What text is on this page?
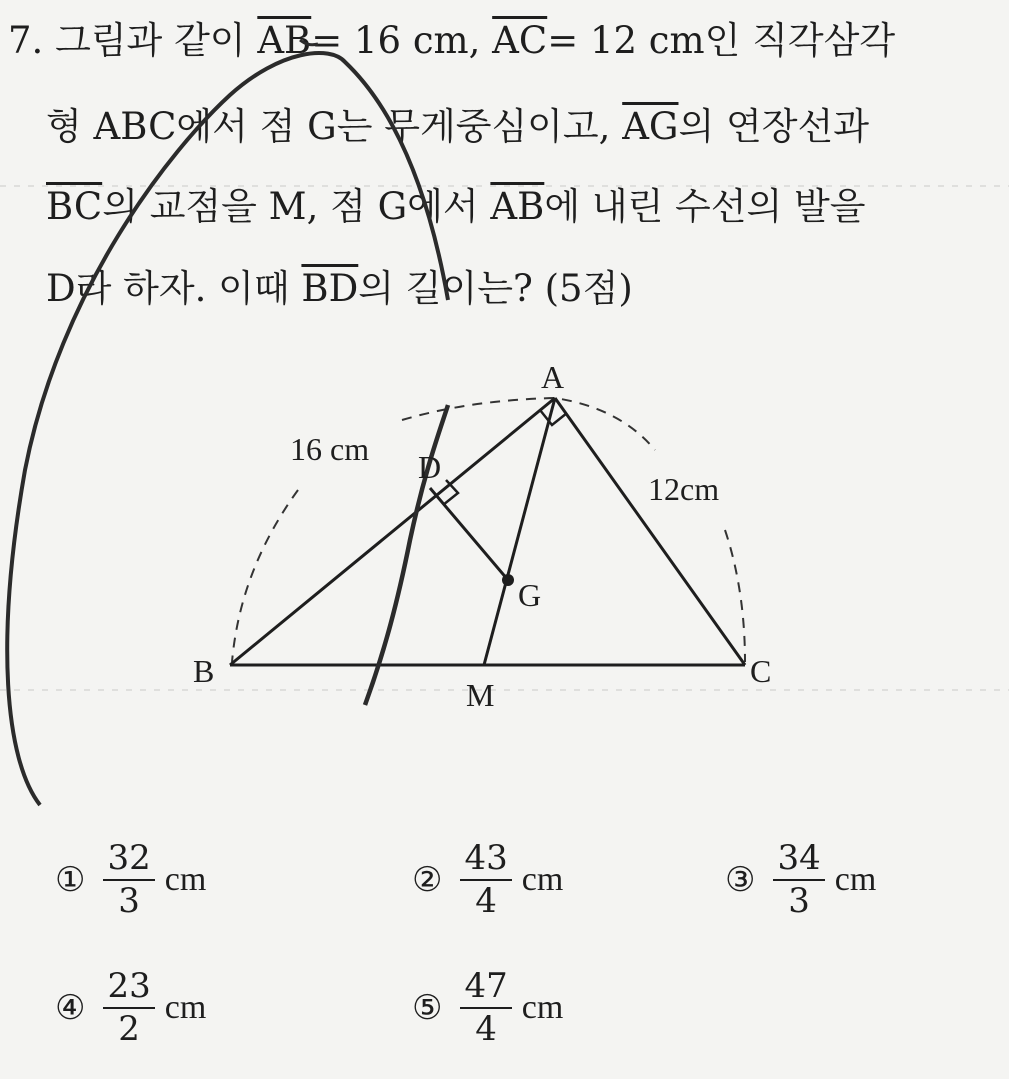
7. 그림과 같이 $\overline{AB}= 16$ cm, $\overline{AC}= 12$ cm인 직각삼각
형 ABC에서 점 G는 무게중심이고, $\overline{AG}$의 연장선과
$\overline{BC}$의 교점을 M, 점 G에서 $\overline{AB}$에 내린 수선의 발을
D라 하자. 이때 $\overline{BD}$의 길이는? (5점)
A
B	C
D
G
M
16 cm
12cm
① $\frac{32}{3}$ cm	② $\frac{43}{4}$ cm	③ $\frac{34}{3}$ cm
④ $\frac{23}{2}$ cm	⑤ $\frac{47}{4}$ cm
